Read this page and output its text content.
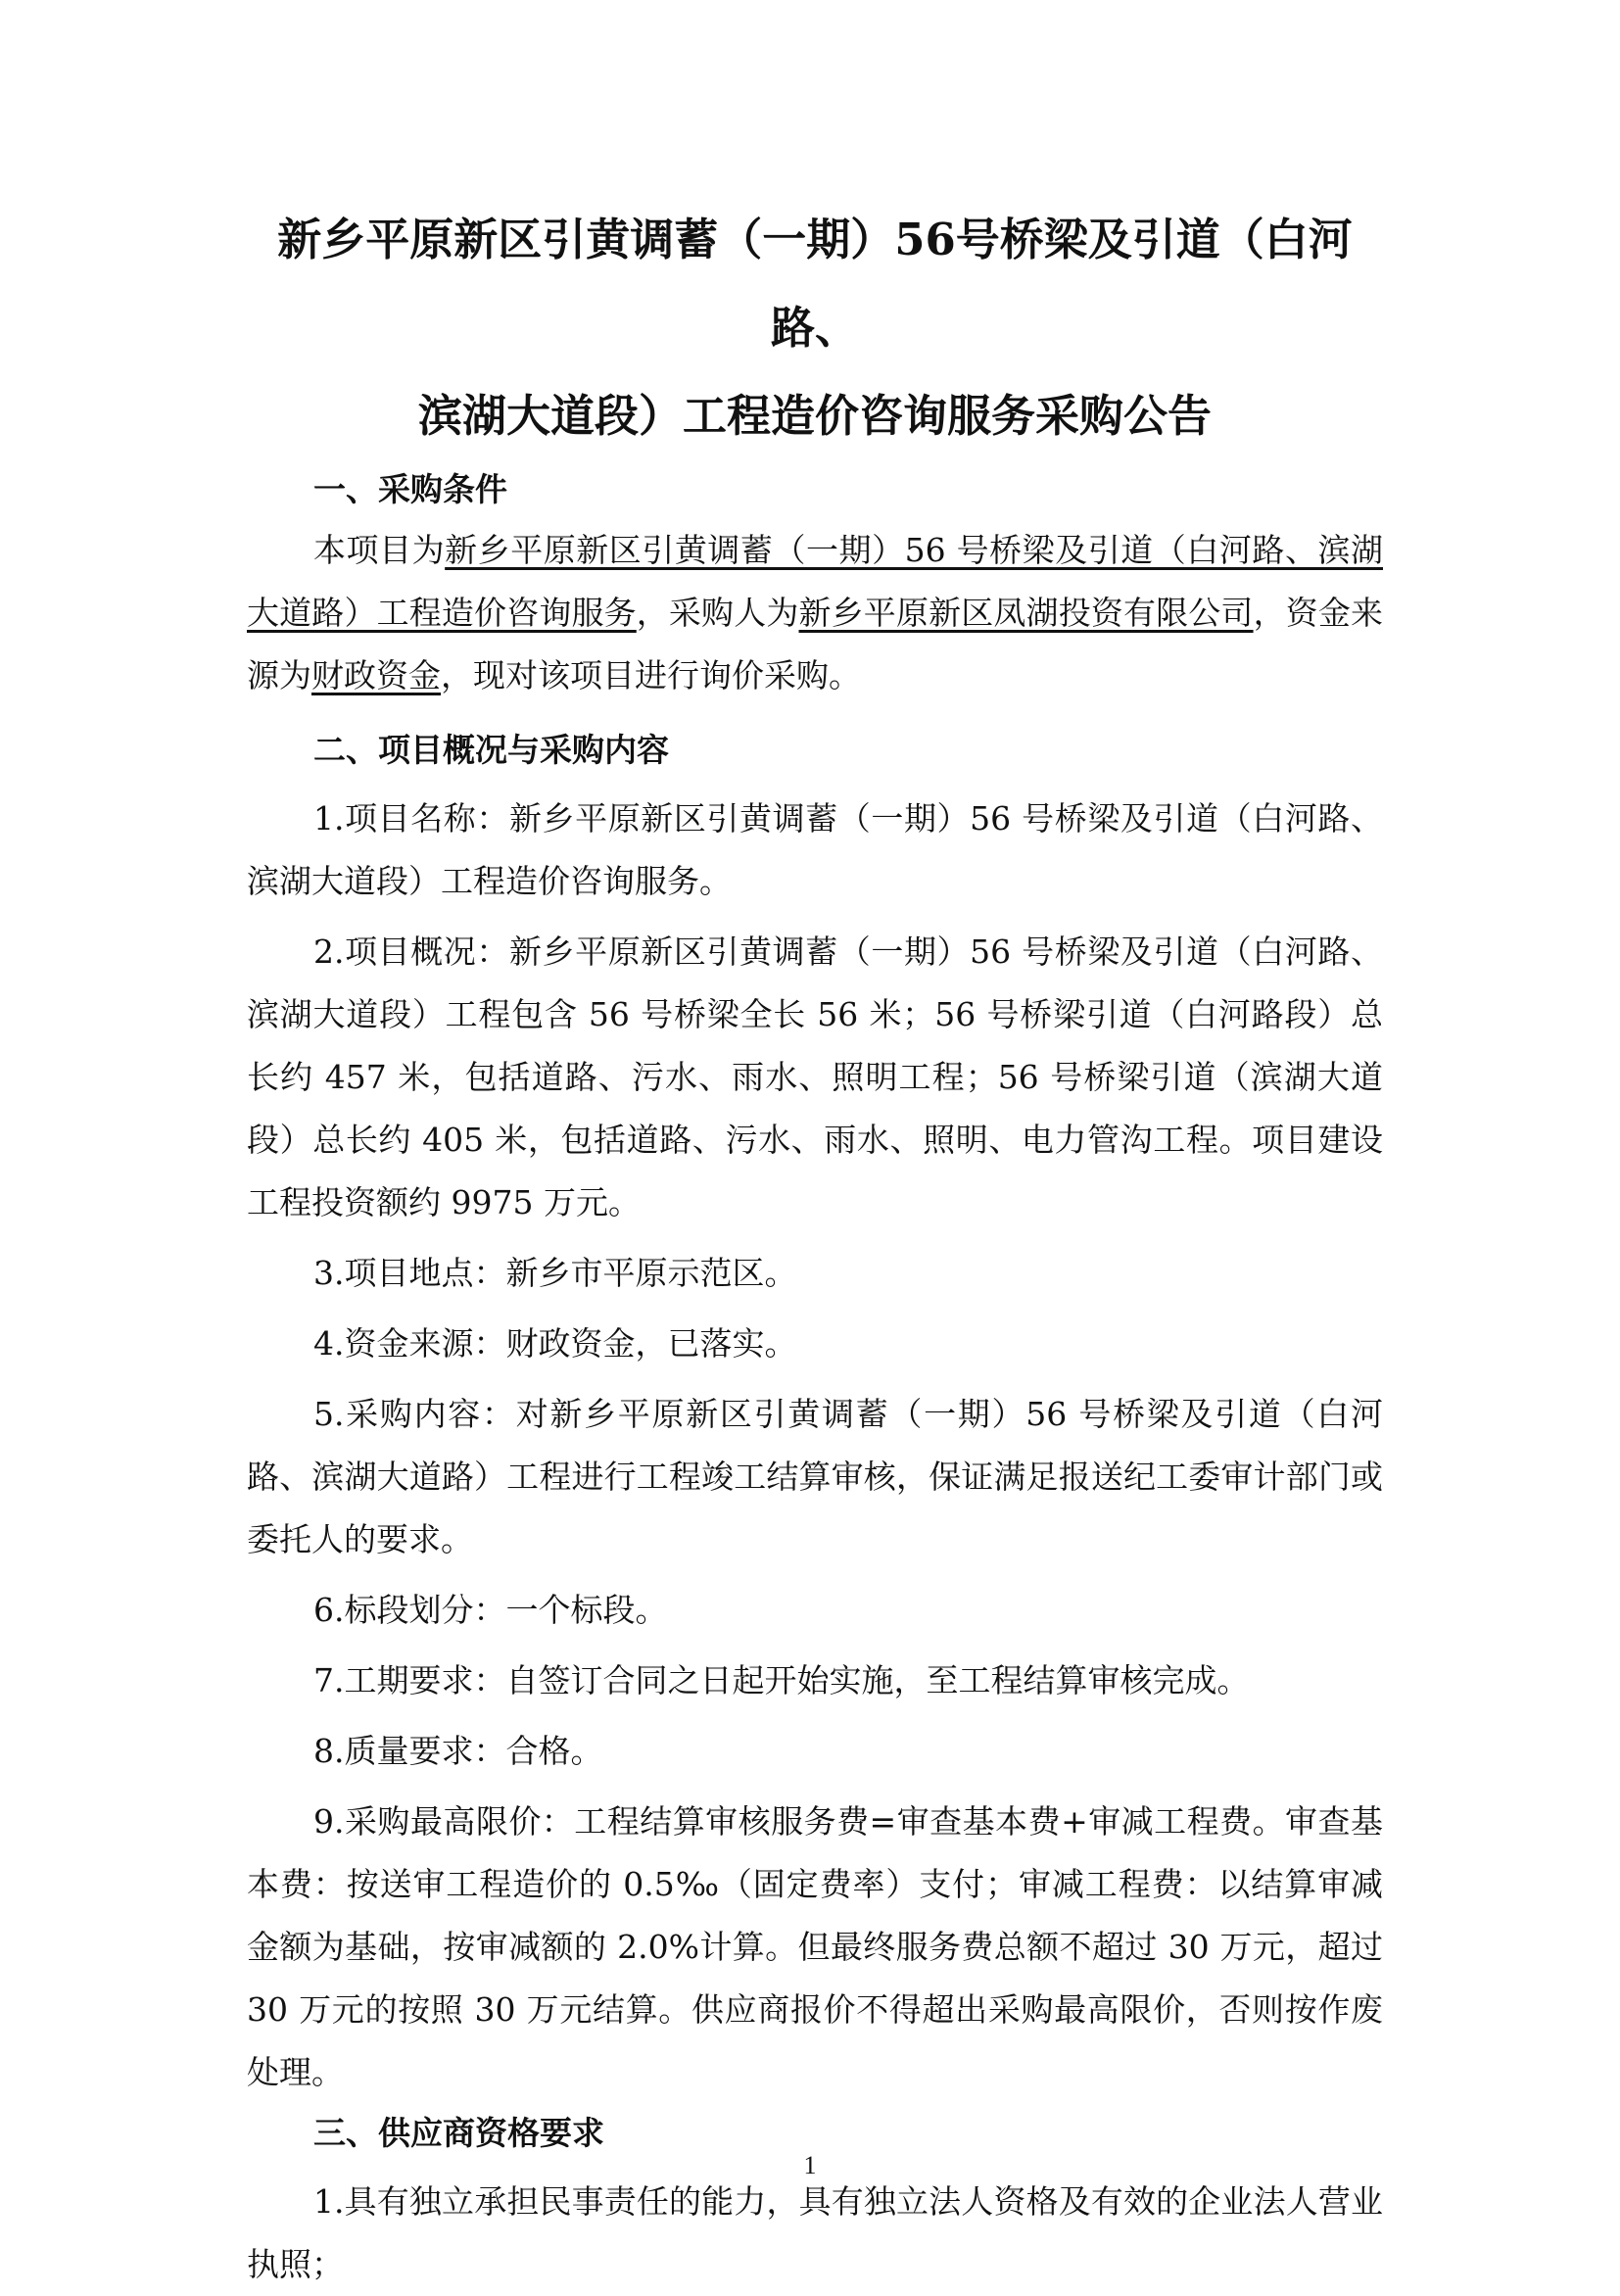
新乡平原新区引黄调蓄（一期）56号桥梁及引道（白河路、

滨湖大道段）工程造价咨询服务采购公告

一、采购条件

本项目为新乡平原新区引黄调蓄（一期）56 号桥梁及引道（白河路、滨湖大道路）工程造价咨询服务，采购人为新乡平原新区凤湖投资有限公司，资金来源为财政资金，现对该项目进行询价采购。

二、项目概况与采购内容

1.项目名称：新乡平原新区引黄调蓄（一期）56 号桥梁及引道（白河路、滨湖大道段）工程造价咨询服务。

2.项目概况：新乡平原新区引黄调蓄（一期）56 号桥梁及引道（白河路、滨湖大道段）工程包含 56 号桥梁全长 56 米；56 号桥梁引道（白河路段）总长约 457 米，包括道路、污水、雨水、照明工程；56 号桥梁引道（滨湖大道段）总长约 405 米，包括道路、污水、雨水、照明、电力管沟工程。项目建设工程投资额约 9975 万元。

3.项目地点：新乡市平原示范区。

4.资金来源：财政资金，已落实。

5.采购内容：对新乡平原新区引黄调蓄（一期）56 号桥梁及引道（白河路、滨湖大道路）工程进行工程竣工结算审核，保证满足报送纪工委审计部门或委托人的要求。

6.标段划分：一个标段。

7.工期要求：自签订合同之日起开始实施，至工程结算审核完成。

8.质量要求：合格。

9.采购最高限价：工程结算审核服务费=审查基本费+审减工程费。审查基本费：按送审工程造价的 0.5‰（固定费率）支付；审减工程费：以结算审减金额为基础，按审减额的 2.0%计算。但最终服务费总额不超过 30 万元，超过 30 万元的按照 30 万元结算。供应商报价不得超出采购最高限价，否则按作废处理。

三、供应商资格要求

1.具有独立承担民事责任的能力，具有独立法人资格及有效的企业法人营业执照；

1
